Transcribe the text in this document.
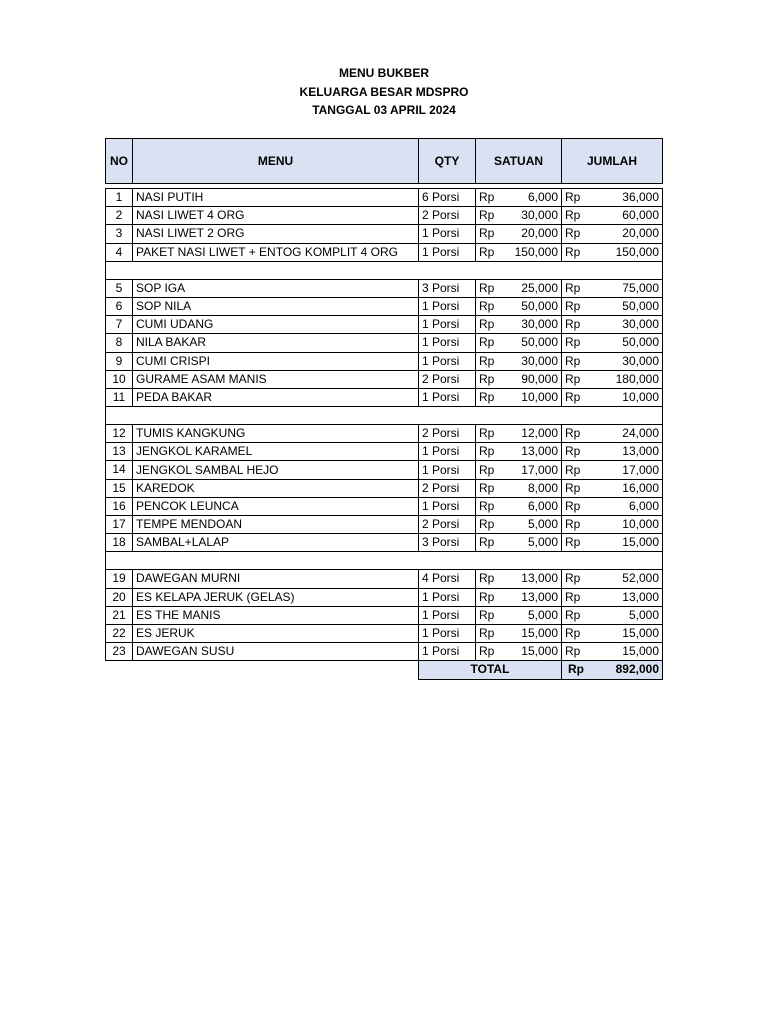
MENU BUKBER
KELUARGA BESAR MDSPRO
TANGGAL 03 APRIL 2024
NO	MENU	QTY	SATUAN		JUMLAH	

1	NASI PUTIH	6 Porsi	Rp	6,000	Rp	36,000
2	NASI LIWET 4 ORG	2 Porsi	Rp	30,000	Rp	60,000
3	NASI LIWET 2 ORG	1 Porsi	Rp	20,000	Rp	20,000
4	PAKET NASI LIWET + ENTOG KOMPLIT 4 ORG	1 Porsi	Rp	150,000	Rp	150,000

5	SOP IGA	3 Porsi	Rp	25,000	Rp	75,000
6	SOP NILA	1 Porsi	Rp	50,000	Rp	50,000
7	CUMI UDANG	1 Porsi	Rp	30,000	Rp	30,000
8	NILA BAKAR	1 Porsi	Rp	50,000	Rp	50,000
9	CUMI CRISPI	1 Porsi	Rp	30,000	Rp	30,000
10	GURAME ASAM MANIS	2 Porsi	Rp	90,000	Rp	180,000
11	PEDA BAKAR	1 Porsi	Rp	10,000	Rp	10,000

12	TUMIS KANGKUNG	2 Porsi	Rp	12,000	Rp	24,000
13	JENGKOL KARAMEL	1 Porsi	Rp	13,000	Rp	13,000
14	JENGKOL SAMBAL HEJO	1 Porsi	Rp	17,000	Rp	17,000
15	KAREDOK	2 Porsi	Rp	8,000	Rp	16,000
16	PENCOK LEUNCA	1 Porsi	Rp	6,000	Rp	6,000
17	TEMPE MENDOAN	2 Porsi	Rp	5,000	Rp	10,000
18	SAMBAL+LALAP	3 Porsi	Rp	5,000	Rp	15,000

19	DAWEGAN MURNI	4 Porsi	Rp	13,000	Rp	52,000
20	ES KELAPA JERUK (GELAS)	1 Porsi	Rp	13,000	Rp	13,000
21	ES THE MANIS	1 Porsi	Rp	5,000	Rp	5,000
22	ES JERUK	1 Porsi	Rp	15,000	Rp	15,000
23	DAWEGAN SUSU	1 Porsi	Rp	15,000	Rp	15,000
		TOTAL			Rp	892,000
